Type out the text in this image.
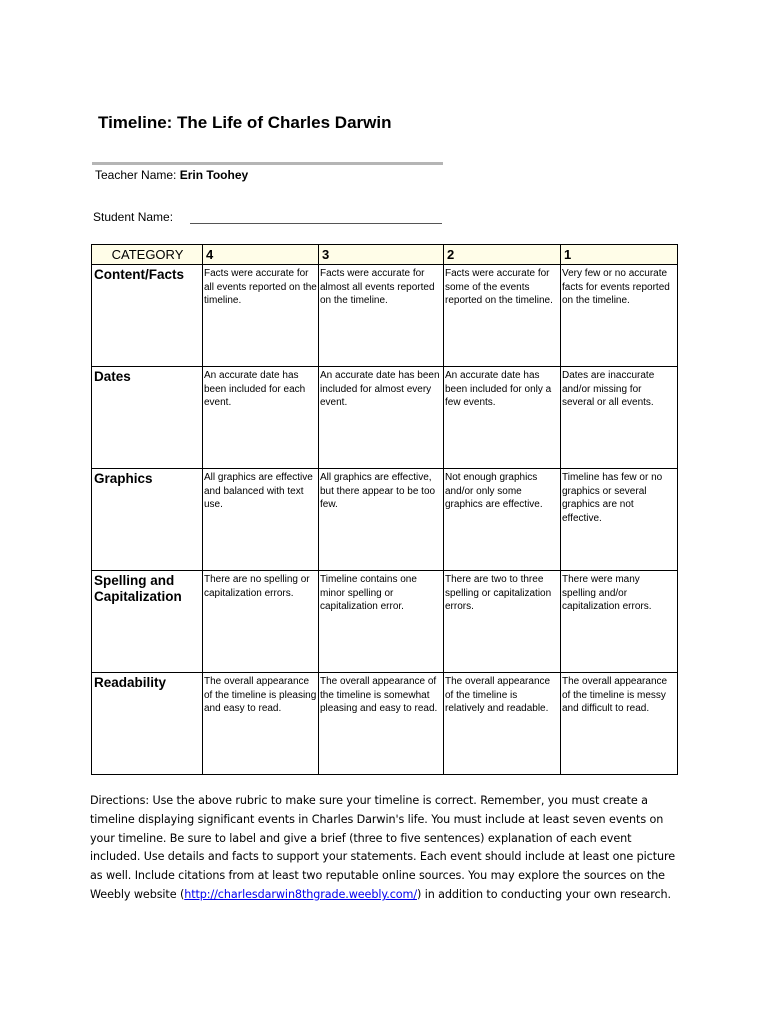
Timeline: The Life of Charles Darwin
Teacher Name: Erin Toohey
Student Name:
CATEGORY	4	3	2	1
Content/Facts	Facts were accurate for all events reported on the timeline.	Facts were accurate for almost all events reported on the timeline.	Facts were accurate for some of the events reported on the timeline.	Very few or no accurate facts for events reported on the timeline.
Dates	An accurate date has been included for each event.	An accurate date has been included for almost every event.	An accurate date has been included for only a few events.	Dates are inaccurate and/or missing for several or all events.
Graphics	All graphics are effective and balanced with text use.	All graphics are effective, but there appear to be too few.	Not enough graphics and/or only some graphics are effective.	Timeline has few or no graphics or several graphics are not effective.
Spelling and Capitalization	There are no spelling or capitalization errors.	Timeline contains one minor spelling or capitalization error.	There are two to three spelling or capitalization errors.	There were many spelling and/or capitalization errors.
Readability	The overall appearance of the timeline is pleasing and easy to read.	The overall appearance of the timeline is somewhat pleasing and easy to read.	The overall appearance of the timeline is relatively and readable.	The overall appearance of the timeline is messy and difficult to read.
Directions: Use the above rubric to make sure your timeline is correct. Remember, you must create a timeline displaying significant events in Charles Darwin's life. You must include at least seven events on your timeline. Be sure to label and give a brief (three to five sentences) explanation of each event included. Use details and facts to support your statements. Each event should include at least one picture as well. Include citations from at least two reputable online sources. You may explore the sources on the Weebly website (http://charlesdarwin8thgrade.weebly.com/) in addition to conducting your own research.
